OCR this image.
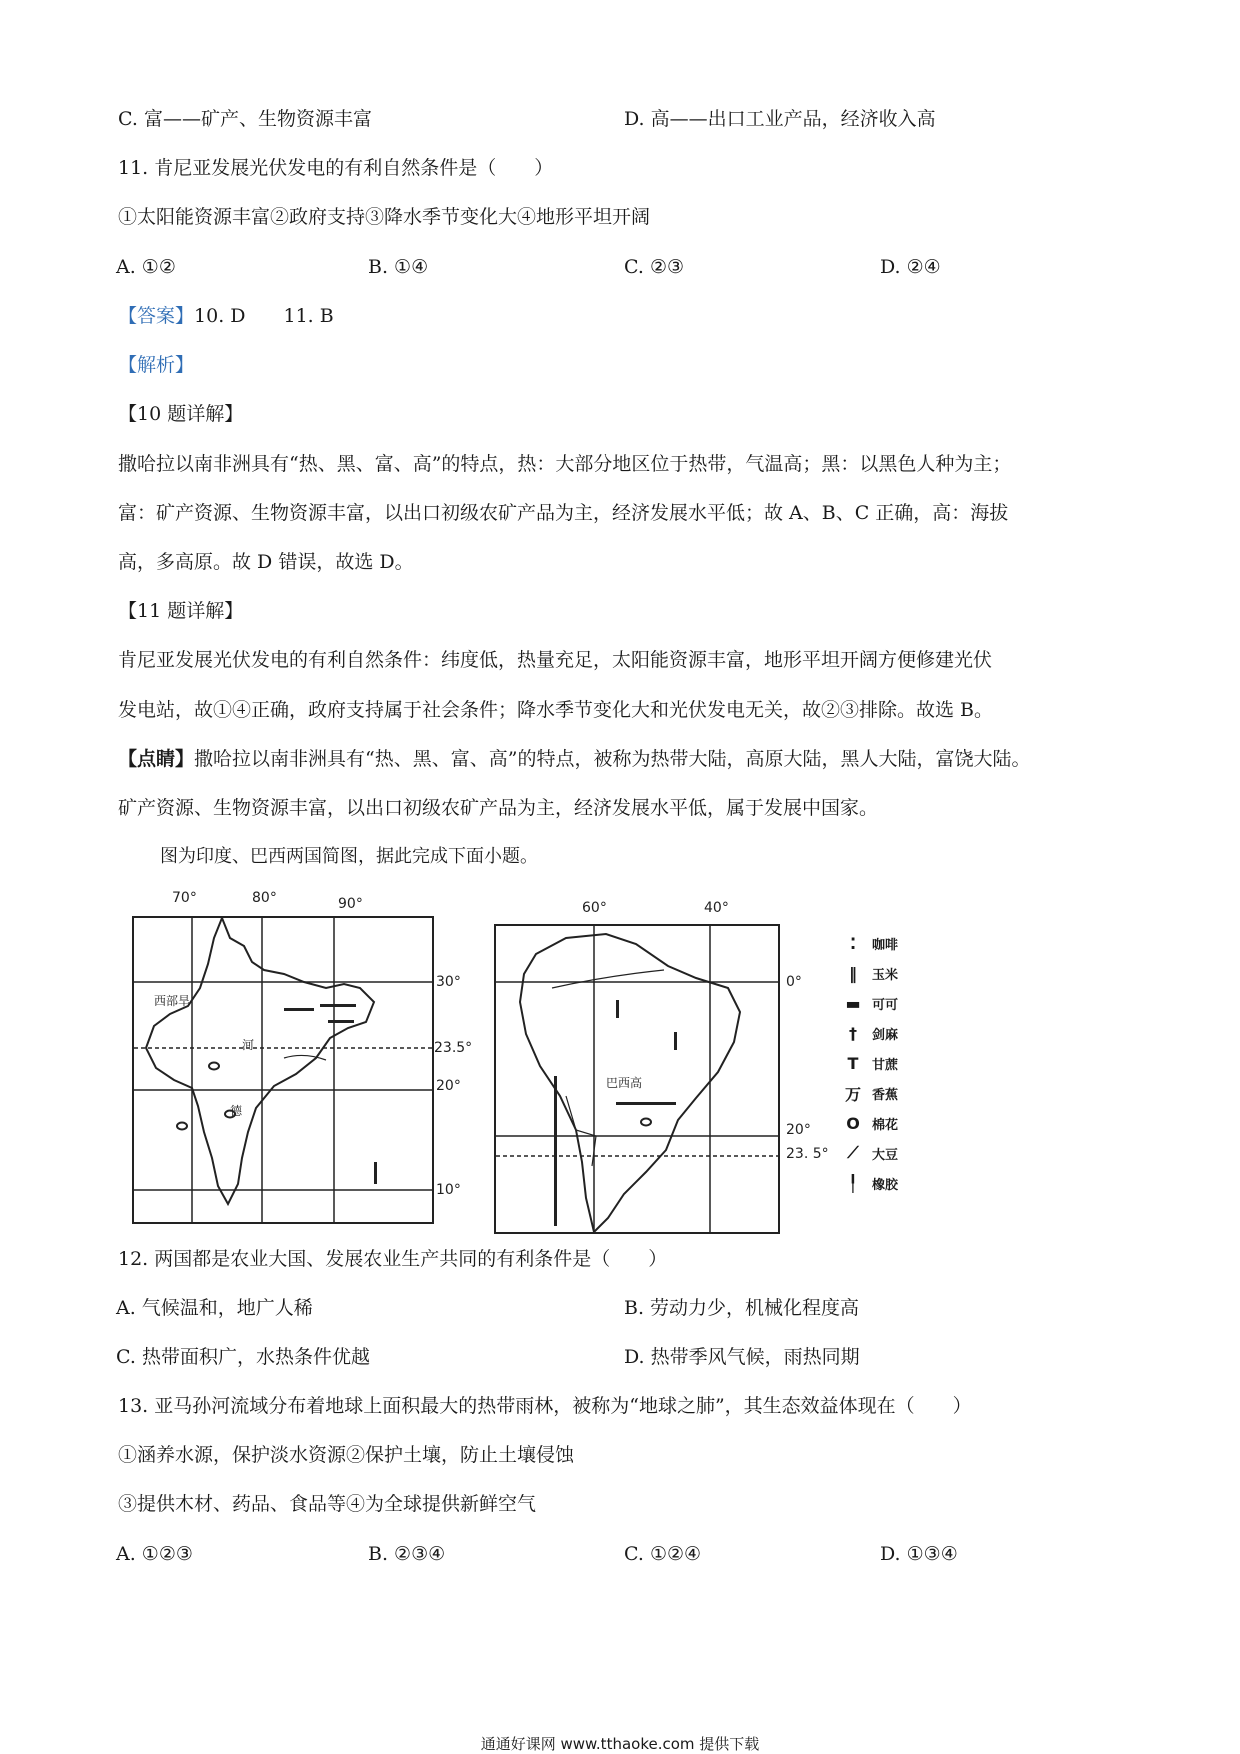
C. 富——矿产、生物资源丰富	D. 高——出口工业产品，经济收入高
11. 肯尼亚发展光伏发电的有利自然条件是（　　）
①太阳能资源丰富②政府支持③降水季节变化大④地形平坦开阔
A. ①②	B. ①④	C. ②③	D. ②④
【答案】10. D　　11. B
【解析】
【10 题详解】
撒哈拉以南非洲具有“热、黑、富、高”的特点，热：大部分地区位于热带，气温高；黑：以黑色人种为主；
富：矿产资源、生物资源丰富，以出口初级农矿产品为主，经济发展水平低；故 A、B、C 正确，高：海拔
高，多高原。故 D 错误，故选 D。
【11 题详解】
肯尼亚发展光伏发电的有利自然条件：纬度低，热量充足，太阳能资源丰富，地形平坦开阔方便修建光伏
发电站，故①④正确，政府支持属于社会条件；降水季节变化大和光伏发电无关，故②③排除。故选 B。
【点睛】撒哈拉以南非洲具有“热、黑、富、高”的特点，被称为热带大陆，高原大陆，黑人大陆，富饶大陆。
矿产资源、生物资源丰富，以出口初级农矿产品为主，经济发展水平低，属于发展中国家。
图为印度、巴西两国简图，据此完成下面小题。
70°	80°	90°
30°
23.5°
20°
10°
西部旱
德
河
60°	40°
0°
20°
23. 5°
巴西高
⁚	咖啡
‖	玉米
▬ 可可
†	剑麻
T	甘蔗
万 香蕉
O 棉花
⟋	大豆
╿	橡胶
12. 两国都是农业大国、发展农业生产共同的有利条件是（　　）
A. 气候温和，地广人稀	B. 劳动力少，机械化程度高
C. 热带面积广，水热条件优越	D. 热带季风气候，雨热同期
13. 亚马孙河流域分布着地球上面积最大的热带雨林，被称为“地球之肺”，其生态效益体现在（　　）
①涵养水源，保护淡水资源②保护土壤，防止土壤侵蚀
③提供木材、药品、食品等④为全球提供新鲜空气
A. ①②③	B. ②③④	C. ①②④	D. ①③④
通通好课网 www.tthaoke.com 提供下载
